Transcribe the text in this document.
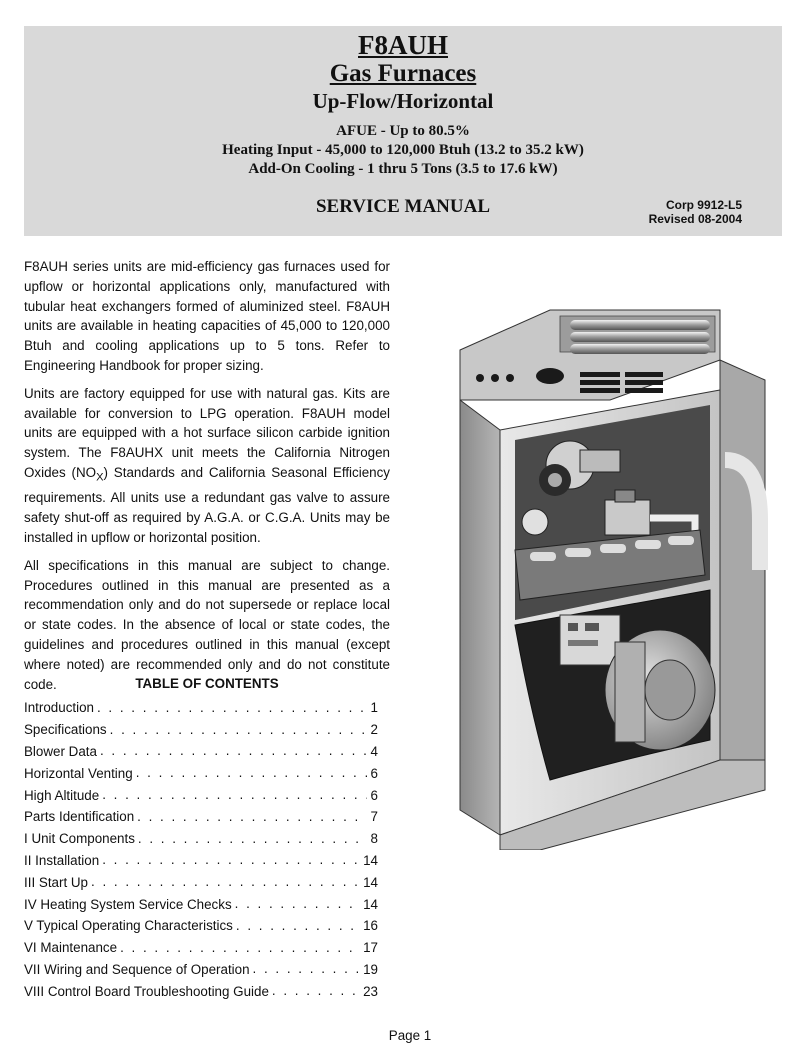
F8AUH
Gas Furnaces
Up-Flow/Horizontal
AFUE - Up to 80.5%
Heating Input - 45,000 to 120,000 Btuh (13.2 to 35.2 kW)
Add-On Cooling - 1 thru 5 Tons (3.5 to 17.6 kW)
SERVICE MANUAL	Corp 9912-L5
Revised 08-2004

F8AUH series units are mid-efficiency gas furnaces used for upflow or horizontal applications only, manufactured with tubular heat exchangers formed of aluminized steel. F8AUH units are available in heating capacities of 45,000 to 120,000 Btuh and cooling applications up to 5 tons. Refer to Engineering Handbook for proper sizing.

Units are factory equipped for use with natural gas. Kits are available for conversion to LPG operation. F8AUH model units are equipped with a hot surface silicon carbide ignition system. The F8AUHX unit meets the California Nitrogen Oxides $(NO_X)$ Standards and California Seasonal Efficiency requirements. All units use a redundant gas valve to assure safety shut-off as required by A.G.A. or C.G.A. Units may be installed in upflow or horizontal position.

All specifications in this manual are subject to change. Procedures outlined in this manual are presented as a recommendation only and do not supersede or replace local or state codes. In the absence of local or state codes, the guidelines and procedures outlined in this manual (except where noted) are recommended only and do not constitute code.	TABLE OF CONTENTS
Introduction . . .	1
Specifications . . .	2
Blower Data . . .	4
Horizontal Venting . . .	6
High Altitude . . .	6
Parts Identification . . .	7
I Unit Components . . .	8
II Installation . . .	14
III Start Up . . .	14
IV Heating System Service Checks . . .	14
V Typical Operating Characteristics . . .	16
VI Maintenance . . .	17
VII Wiring and Sequence of Operation . . .	19
VIII Control Board Troubleshooting Guide . . .	23
Page 1
